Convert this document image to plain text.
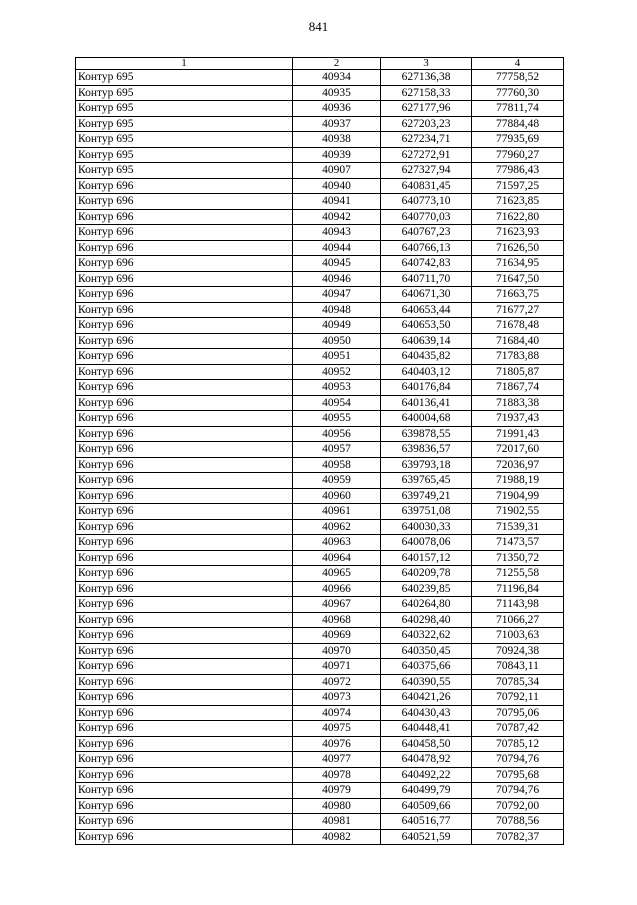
841
1	2	3	4
Контур 695	40934	627136,38	77758,52
Контур 695	40935	627158,33	77760,30
Контур 695	40936	627177,96	77811,74
Контур 695	40937	627203,23	77884,48
Контур 695	40938	627234,71	77935,69
Контур 695	40939	627272,91	77960,27
Контур 695	40907	627327,94	77986,43
Контур 696	40940	640831,45	71597,25
Контур 696	40941	640773,10	71623,85
Контур 696	40942	640770,03	71622,80
Контур 696	40943	640767,23	71623,93
Контур 696	40944	640766,13	71626,50
Контур 696	40945	640742,83	71634,95
Контур 696	40946	640711,70	71647,50
Контур 696	40947	640671,30	71663,75
Контур 696	40948	640653,44	71677,27
Контур 696	40949	640653,50	71678,48
Контур 696	40950	640639,14	71684,40
Контур 696	40951	640435,82	71783,88
Контур 696	40952	640403,12	71805,87
Контур 696	40953	640176,84	71867,74
Контур 696	40954	640136,41	71883,38
Контур 696	40955	640004,68	71937,43
Контур 696	40956	639878,55	71991,43
Контур 696	40957	639836,57	72017,60
Контур 696	40958	639793,18	72036,97
Контур 696	40959	639765,45	71988,19
Контур 696	40960	639749,21	71904,99
Контур 696	40961	639751,08	71902,55
Контур 696	40962	640030,33	71539,31
Контур 696	40963	640078,06	71473,57
Контур 696	40964	640157,12	71350,72
Контур 696	40965	640209,78	71255,58
Контур 696	40966	640239,85	71196,84
Контур 696	40967	640264,80	71143,98
Контур 696	40968	640298,40	71066,27
Контур 696	40969	640322,62	71003,63
Контур 696	40970	640350,45	70924,38
Контур 696	40971	640375,66	70843,11
Контур 696	40972	640390,55	70785,34
Контур 696	40973	640421,26	70792,11
Контур 696	40974	640430,43	70795,06
Контур 696	40975	640448,41	70787,42
Контур 696	40976	640458,50	70785,12
Контур 696	40977	640478,92	70794,76
Контур 696	40978	640492,22	70795,68
Контур 696	40979	640499,79	70794,76
Контур 696	40980	640509,66	70792,00
Контур 696	40981	640516,77	70788,56
Контур 696	40982	640521,59	70782,37
